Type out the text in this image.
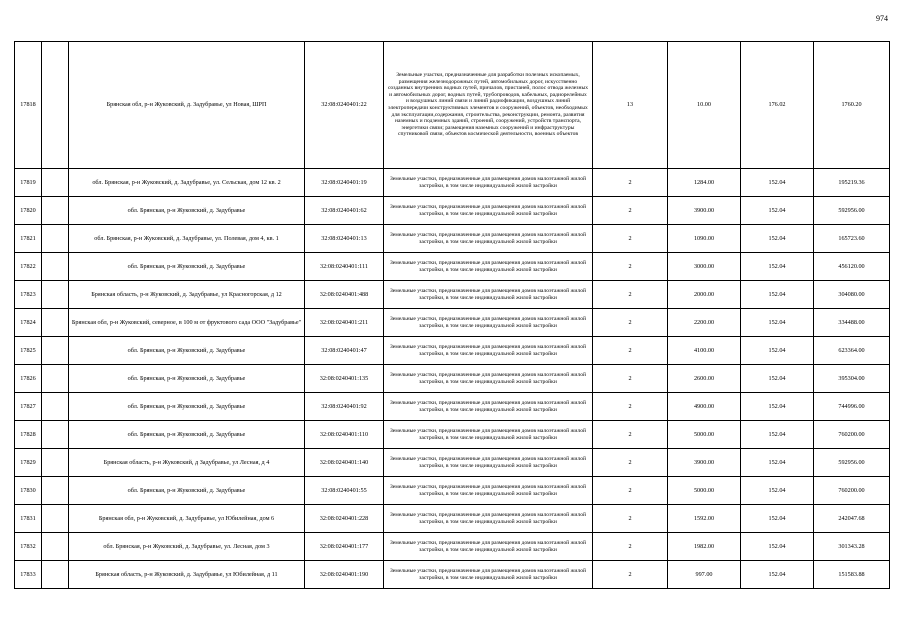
974
17818		Брянская обл, р-н Жуковский, д. Задубравье, ул Новая, ШРП	32:08:0240401:22	Земельные участки, предназначенные для разработки полезных ископаемых, размещения железнодорожных путей, автомобильных дорог, искусственно созданных внутренних водных путей, причалов, пристаней, полос отвода железных и автомобильных дорог, водных путей, трубопроводов, кабельных, радиорелейных и воздушных линий связи и линий радиофикации, воздушных линий электропередачи конструктивных элементов и сооружений, объектов, необходимых для эксплуатации,содержания, строительства, реконструкции, ремонта, развития наземных и подземных зданий, строений, сооружений, устройств транспорта, энергетики связи; размещения наземных сооружений и инфраструктуры спутниковой связи, объектов космической деятельности, военных объектов	13	10.00	176.02	1760.20
17819		обл. Брянская, р-н Жуковский, д. Задубравье, ул. Сельская, дом 12 кв. 2	32:08:0240401:19	Земельные участки, предназначенные для размещения домов малоэтажной жилой застройки, в том числе индивидуальной жилой застройки	2	1284.00	152.04	195219.36
17820		обл. Брянская, р-н Жуковский, д. Задубравье	32:08:0240401:62	Земельные участки, предназначенные для размещения домов малоэтажной жилой застройки, в том числе индивидуальной жилой застройки	2	3900.00	152.04	592956.00
17821		обл. Брянская, р-н Жуковский, д. Задубравье, ул. Полевая, дом 4, кв. 1	32:08:0240401:13	Земельные участки, предназначенные для размещения домов малоэтажной жилой застройки, в том числе индивидуальной жилой застройки	2	1090.00	152.04	165723.60
17822		обл. Брянская, р-н Жуковский, д. Задубравье	32:08:0240401:111	Земельные участки, предназначенные для размещения домов малоэтажной жилой застройки, в том числе индивидуальной жилой застройки	2	3000.00	152.04	456120.00
17823		Брянская область, р-н Жуковский, д. Задубравье, ул Красногорская, д 12	32:08:0240401:488	Земельные участки, предназначенные для размещения домов малоэтажной жилой застройки, в том числе индивидуальной жилой застройки	2	2000.00	152.04	304080.00
17824		Брянская обл, р-н Жуковский, северное, в 100 м от фруктового сада ООО "Задубравье"	32:08:0240401:211	Земельные участки, предназначенные для размещения домов малоэтажной жилой застройки, в том числе индивидуальной жилой застройки	2	2200.00	152.04	334488.00
17825		обл. Брянская, р-н Жуковский, д. Задубравье	32:08:0240401:47	Земельные участки, предназначенные для размещения домов малоэтажной жилой застройки, в том числе индивидуальной жилой застройки	2	4100.00	152.04	623364.00
17826		обл. Брянская, р-н Жуковский, д. Задубравье	32:08:0240401:135	Земельные участки, предназначенные для размещения домов малоэтажной жилой застройки, в том числе индивидуальной жилой застройки	2	2600.00	152.04	395304.00
17827		обл. Брянская, р-н Жуковский, д. Задубравье	32:08:0240401:92	Земельные участки, предназначенные для размещения домов малоэтажной жилой застройки, в том числе индивидуальной жилой застройки	2	4900.00	152.04	744996.00
17828		обл. Брянская, р-н Жуковский, д. Задубравье	32:08:0240401:110	Земельные участки, предназначенные для размещения домов малоэтажной жилой застройки, в том числе индивидуальной жилой застройки	2	5000.00	152.04	760200.00
17829		Брянская область, р-н Жуковский, д Задубравье, ул Лесная, д 4	32:08:0240401:140	Земельные участки, предназначенные для размещения домов малоэтажной жилой застройки, в том числе индивидуальной жилой застройки	2	3900.00	152.04	592956.00
17830		обл. Брянская, р-н Жуковский, д. Задубравье	32:08:0240401:55	Земельные участки, предназначенные для размещения домов малоэтажной жилой застройки, в том числе индивидуальной жилой застройки	2	5000.00	152.04	760200.00
17831		Брянская обл, р-н Жуковский, д. Задубравье, ул Юбилейная, дом 6	32:08:0240401:228	Земельные участки, предназначенные для размещения домов малоэтажной жилой застройки, в том числе индивидуальной жилой застройки	2	1592.00	152.04	242047.68
17832		обл. Брянская, р-н Жуковский, д. Задубравье, ул. Лесная, дом 3	32:08:0240401:177	Земельные участки, предназначенные для размещения домов малоэтажной жилой застройки, в том числе индивидуальной жилой застройки	2	1982.00	152.04	301343.28
17833		Брянская область, р-н Жуковский, д. Задубравье, ул Юбилейная, д 11	32:08:0240401:190	Земельные участки, предназначенные для размещения домов малоэтажной жилой застройки, в том числе индивидуальной жилой застройки	2	997.00	152.04	151583.88
